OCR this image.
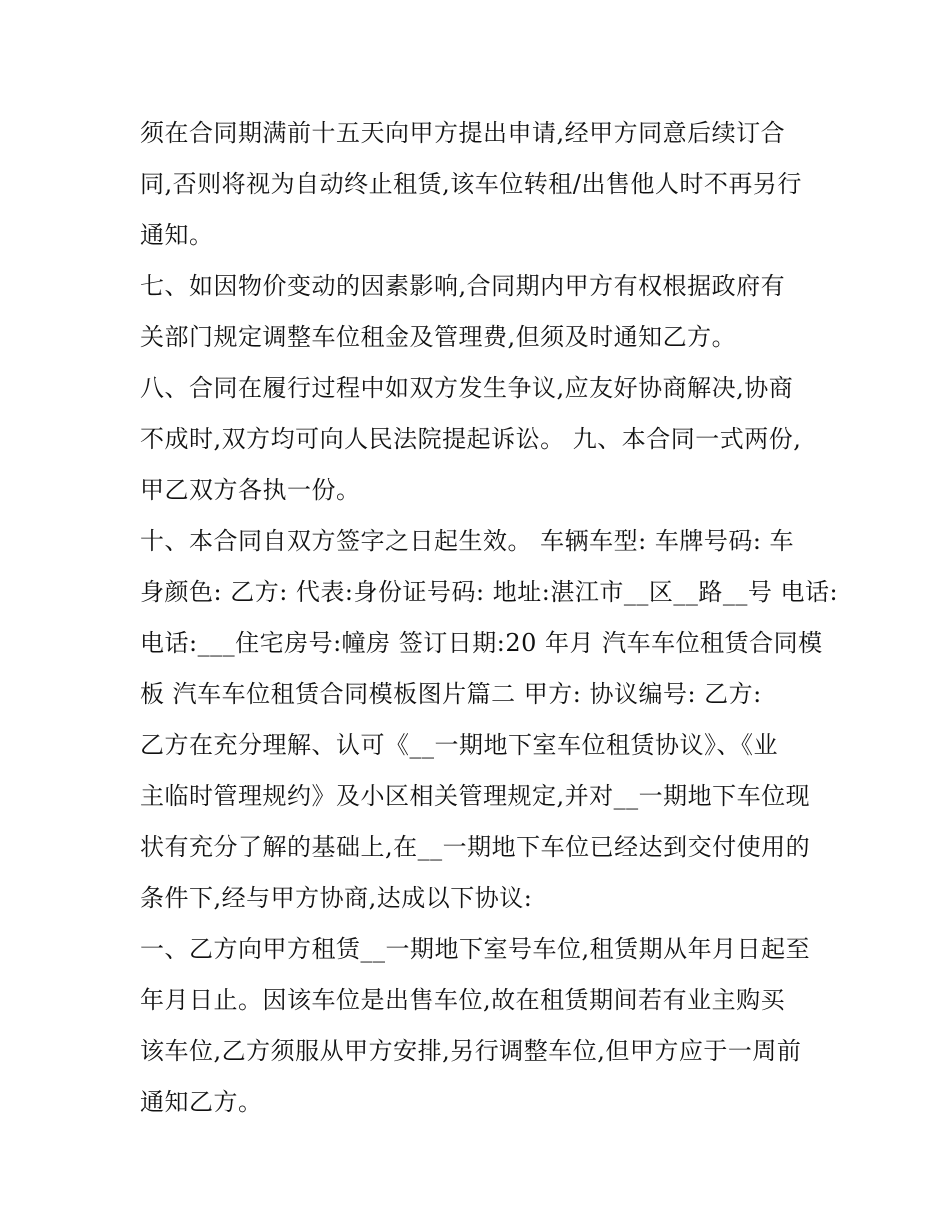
须在合同期满前十五天向甲方提出申请,经甲方同意后续订合
同,否则将视为自动终止租赁,该车位转租/出售他人时不再另行
通知。
七、如因物价变动的因素影响,合同期内甲方有权根据政府有
关部门规定调整车位租金及管理费,但须及时通知乙方。
八、合同在履行过程中如双方发生争议,应友好协商解决,协商
不成时,双方均可向人民法院提起诉讼。 九、本合同一式两份,
甲乙双方各执一份。
十、本合同自双方签字之日起生效。 车辆车型: 车牌号码: 车
身颜色: 乙方: 代表:身份证号码: 地址:湛江市__区__路__号 电话:
电话:___住宅房号:幢房 签订日期:20 年月 汽车车位租赁合同模
板 汽车车位租赁合同模板图片篇二 甲方: 协议编号: 乙方:
乙方在充分理解、认可《__一期地下室车位租赁协议》、《业
主临时管理规约》及小区相关管理规定,并对__一期地下车位现
状有充分了解的基础上,在__一期地下车位已经达到交付使用的
条件下,经与甲方协商,达成以下协议:
一、乙方向甲方租赁__一期地下室号车位,租赁期从年月日起至
年月日止。因该车位是出售车位,故在租赁期间若有业主购买
该车位,乙方须服从甲方安排,另行调整车位,但甲方应于一周前
通知乙方。
